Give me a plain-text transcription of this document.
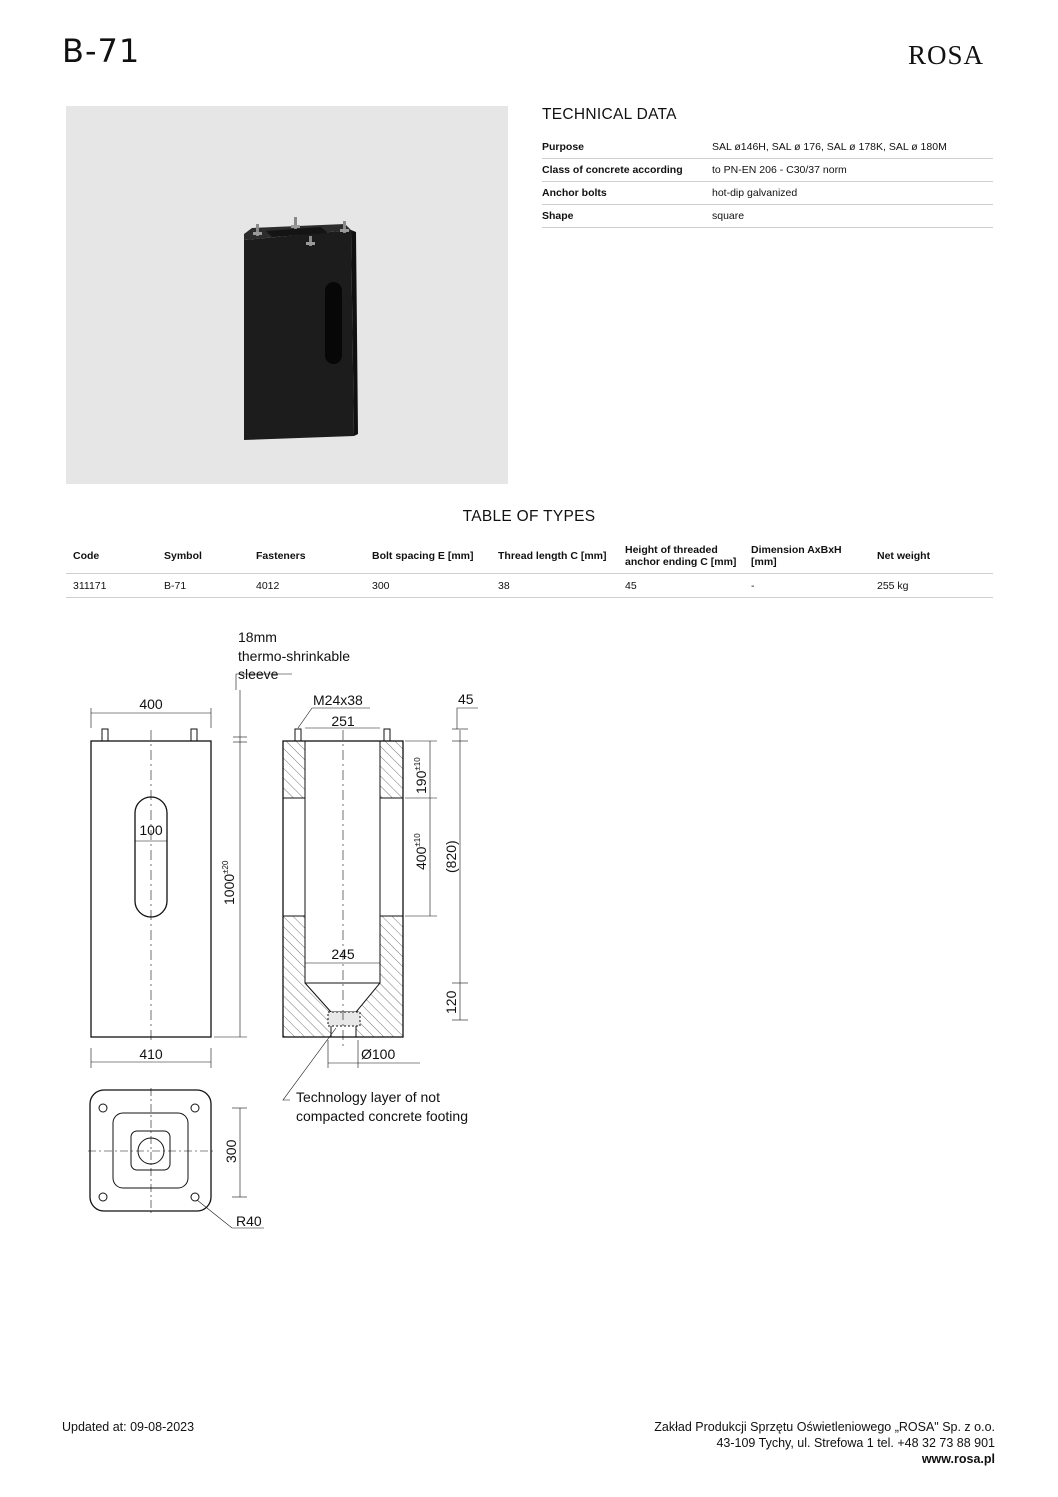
B-71	ROSA
TECHNICAL DATA
Purpose	SAL ø146H, SAL ø 176, SAL ø 178K, SAL ø 180M
Class of concrete according	to PN-EN 206 - C30/37 norm
Anchor bolts	hot-dip galvanized
Shape	square
TABLE OF TYPES
Code	Symbol	Fasteners	Bolt spacing E [mm]	Thread length C [mm]	Height of threaded anchor ending C [mm]	Dimension AxBxH [mm]	Net weight
311171	B-71	4012	300	38	45	-	255 kg
18mm
thermo-shrinkable
sleeve
400
410
100
$1000^{\pm 20}$
M24x38
251
245
45
$190^{\pm 10}$
$400^{\pm 10}$
(820)
120
Ø100
Technology layer of not
compacted concrete footing
300
R40
Updated at: 09-08-2023	Zakład Produkcji Sprzętu Oświetleniowego „ROSA" Sp. z o.o.
43-109 Tychy, ul. Strefowa 1 tel. +48 32 73 88 901
www.rosa.pl
